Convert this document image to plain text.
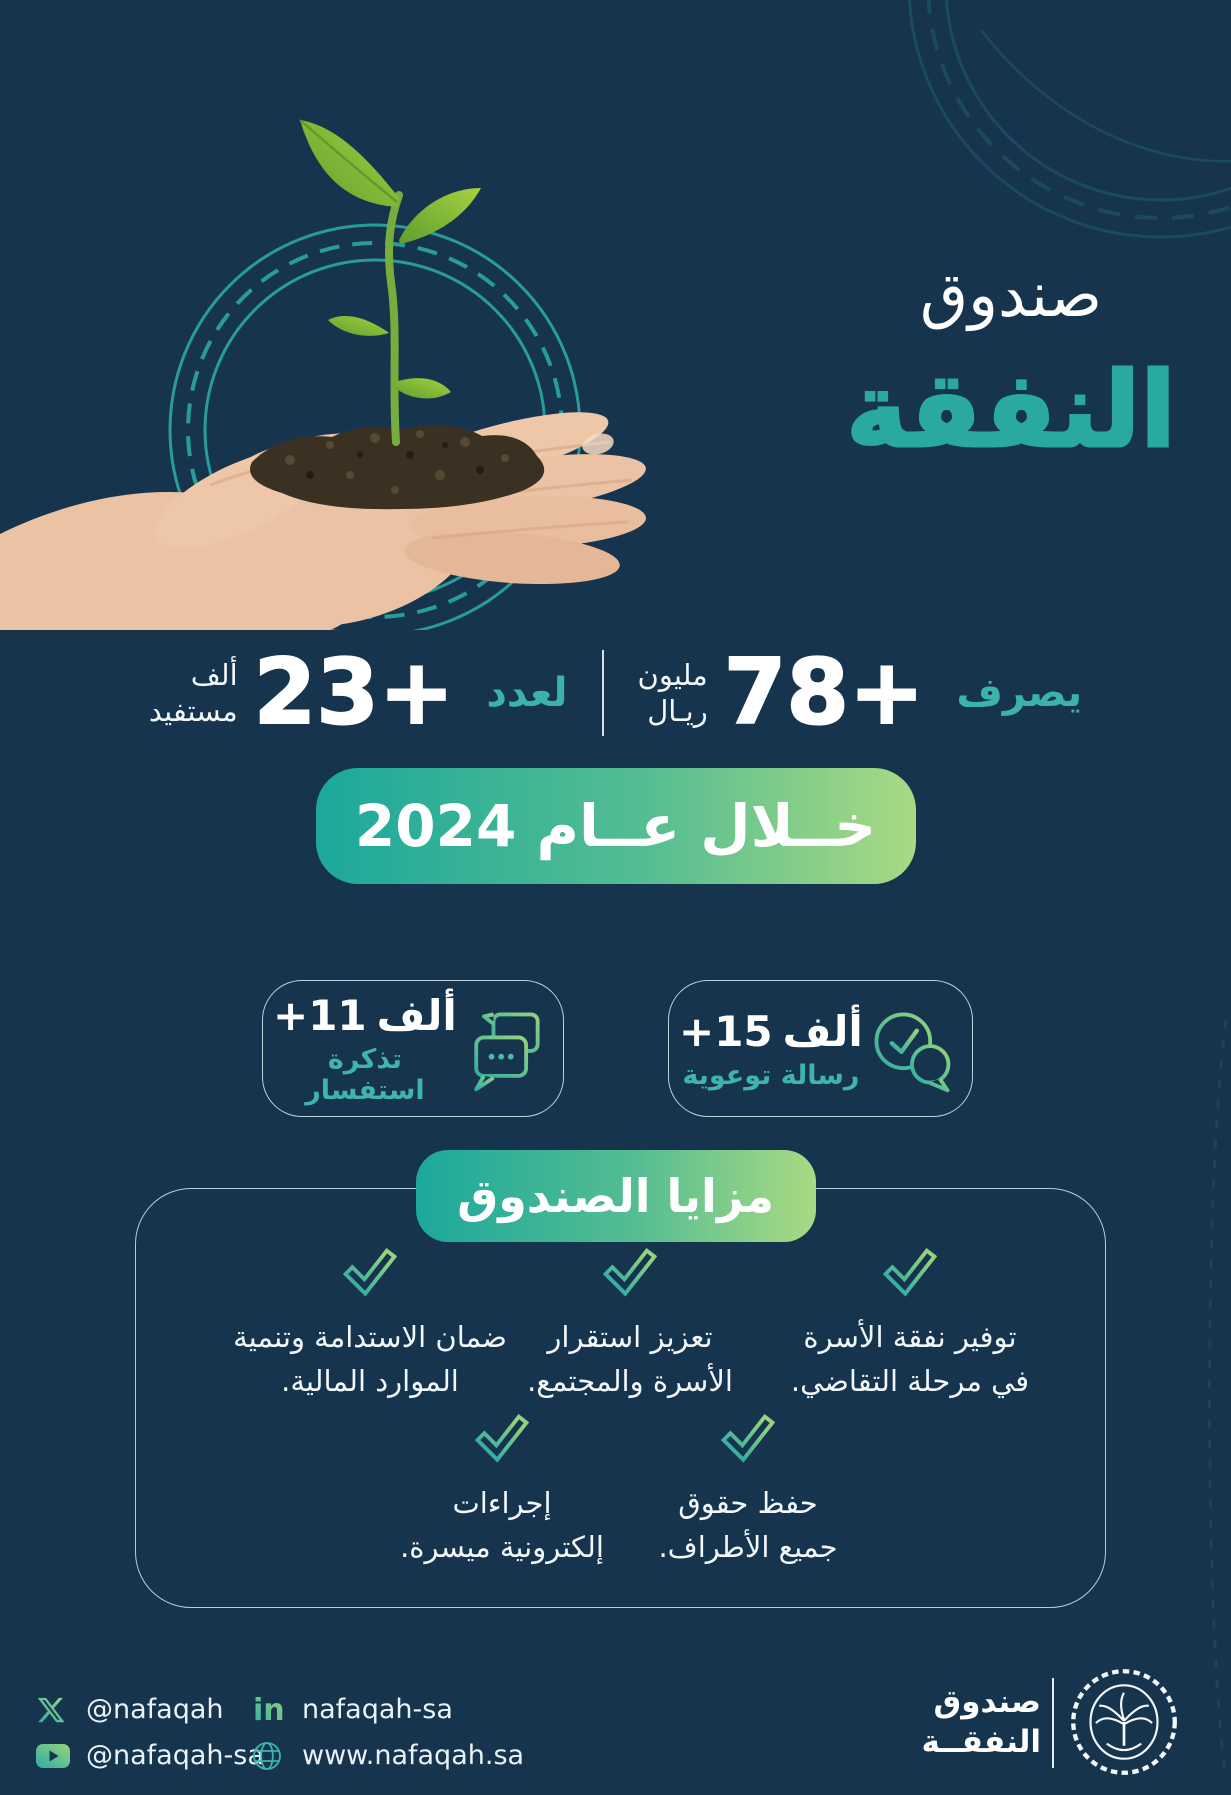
صندوق
النفقة
ألف
مستفيد 23+ لعدد مليون
ريـال 78+ يصرف
خــلال عــام 2024
+15 ألف
رسالة توعوية
+11 ألف
تذكرة استفسار
مزايا الصندوق
توفير نفقة الأسرة
في مرحلة التقاضي.
تعزيز استقرار
الأسرة والمجتمع.
ضمان الاستدامة وتنمية
الموارد المالية.
حفظ حقوق
جميع الأطراف.
إجراءات
إلكترونية ميسرة.
@nafaqah
@nafaqah-sa
in nafaqah-sa
www.nafaqah.sa
صندوق
النفقــة
